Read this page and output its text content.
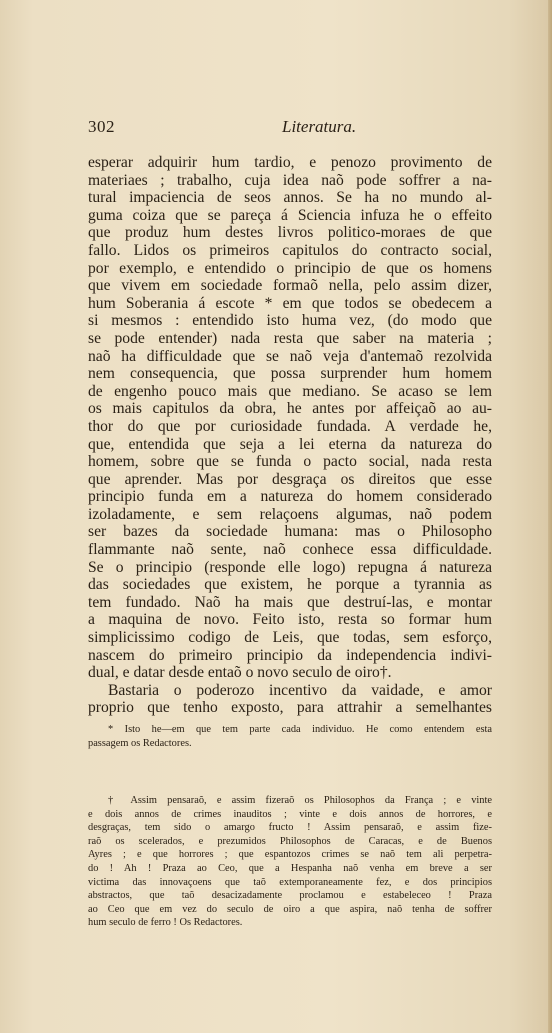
302	Literatura.
esperar adquirir hum tardio, e penozo provimento de
materiaes ; trabalho, cuja idea naõ pode soffrer a na-
tural impaciencia de seos annos. Se ha no mundo al-
guma coiza que se pareça á Sciencia infuza he o effeito
que produz hum destes livros politico-moraes de que
fallo. Lidos os primeiros capitulos do contracto social,
por exemplo, e entendido o principio de que os homens
que vivem em sociedade formaõ nella, pelo assim dizer,
hum Soberania á escote * em que todos se obedecem a
si mesmos : entendido isto huma vez, (do modo que
se pode entender) nada resta que saber na materia ;
naõ ha difficuldade que se naõ veja d'antemaõ rezolvida
nem consequencia, que possa surprender hum homem
de engenho pouco mais que mediano. Se acaso se lem
os mais capitulos da obra, he antes por affeiçaõ ao au-
thor do que por curiosidade fundada. A verdade he,
que, entendida que seja a lei eterna da natureza do
homem, sobre que se funda o pacto social, nada resta
que aprender. Mas por desgraça os direitos que esse
principio funda em a natureza do homem considerado
izoladamente, e sem relaçoens algumas, naõ podem
ser bazes da sociedade humana: mas o Philosopho
flammante naõ sente, naõ conhece essa difficuldade.
Se o principio (responde elle logo) repugna á natureza
das sociedades que existem, he porque a tyrannia as
tem fundado. Naõ ha mais que destruí-las, e montar
a maquina de novo. Feito isto, resta so formar hum
simplicissimo codigo de Leis, que todas, sem esforço,
nascem do primeiro principio da independencia indivi-
dual, e datar desde entaõ o novo seculo de oiro†.
Bastaria o poderozo incentivo da vaidade, e amor
proprio que tenho exposto, para attrahir a semelhantes
* Isto he—em que tem parte cada individuo. He como entendem esta
passagem os Redactores.
† Assim pensaraõ, e assim fizeraõ os Philosophos da França ; e vinte
e dois annos de crimes inauditos ; vinte e dois annos de horrores, e
desgraças, tem sido o amargo fructo ! Assim pensaraõ, e assim fize-
raõ os scelerados, e prezumidos Philosophos de Caracas, e de Buenos
Ayres ; e que horrores ; que espantozos crimes se naõ tem ali perpetra-
do ! Ah ! Praza ao Ceo, que a Hespanha naõ venha em breve a ser
victima das innovaçoens que taõ extemporaneamente fez, e dos principios
abstractos, que taõ desacizadamente proclamou e estabeleceo ! Praza
ao Ceo que em vez do seculo de oiro a que aspira, naõ tenha de soffrer
hum seculo de ferro ! Os Redactores.
